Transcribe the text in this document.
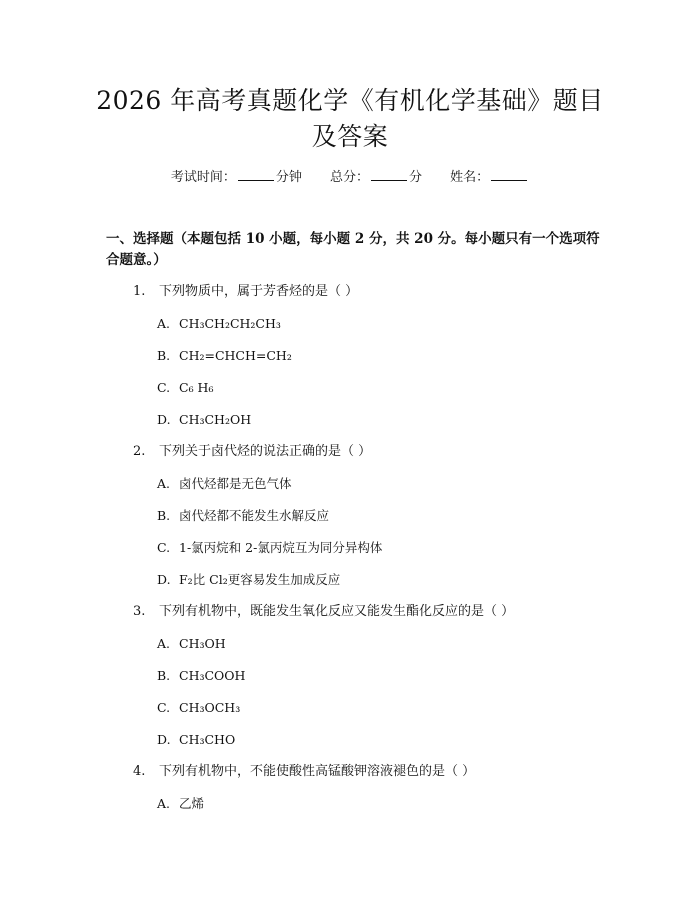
2026 年高考真题化学《有机化学基础》题目
及答案
考试时间：	分钟 总分：	分 姓名：
一、选择题（本题包括 10 小题，每小题 2 分，共 20 分。每小题只有一个选项符
合题意。）
1. 下列物质中，属于芳香烃的是（ ）
A. CH₃CH₂CH₂CH₃
B. CH₂=CHCH=CH₂
C. C₆ H₆
D. CH₃CH₂OH
2. 下列关于卤代烃的说法正确的是（ ）
A. 卤代烃都是无色气体
B. 卤代烃都不能发生水解反应
C. 1-氯丙烷和 2-氯丙烷互为同分异构体
D. F₂比 Cl₂更容易发生加成反应
3. 下列有机物中，既能发生氧化反应又能发生酯化反应的是（ ）
A. CH₃OH
B. CH₃COOH
C. CH₃OCH₃
D. CH₃CHO
4. 下列有机物中，不能使酸性高锰酸钾溶液褪色的是（ ）
A. 乙烯
